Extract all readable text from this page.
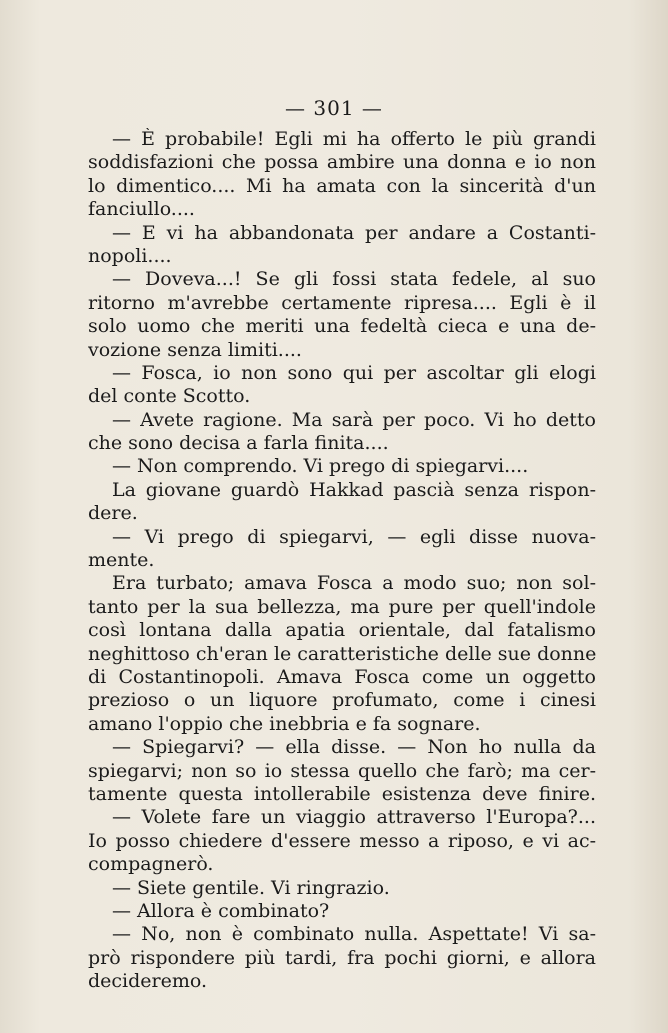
— 301 —
— È probabile! Egli mi ha offerto le più grandi
soddisfazioni che possa ambire una donna e io non
lo dimentico.... Mi ha amata con la sincerità d'un
fanciullo....
— E vi ha abbandonata per andare a Costanti-
nopoli....
— Doveva...! Se gli fossi stata fedele, al suo
ritorno m'avrebbe certamente ripresa.... Egli è il
solo uomo che meriti una fedeltà cieca e una de-
vozione senza limiti....
— Fosca, io non sono qui per ascoltar gli elogi
del conte Scotto.
— Avete ragione. Ma sarà per poco. Vi ho detto
che sono decisa a farla finita....
— Non comprendo. Vi prego di spiegarvi....
La giovane guardò Hakkad pascià senza rispon-
dere.
— Vi prego di spiegarvi, — egli disse nuova-
mente.
Era turbato; amava Fosca a modo suo; non sol-
tanto per la sua bellezza, ma pure per quell'indole
così lontana dalla apatia orientale, dal fatalismo
neghittoso ch'eran le caratteristiche delle sue donne
di Costantinopoli. Amava Fosca come un oggetto
prezioso o un liquore profumato, come i cinesi
amano l'oppio che inebbria e fa sognare.
— Spiegarvi? — ella disse. — Non ho nulla da
spiegarvi; non so io stessa quello che farò; ma cer-
tamente questa intollerabile esistenza deve finire.
— Volete fare un viaggio attraverso l'Europa?...
Io posso chiedere d'essere messo a riposo, e vi ac-
compagnerò.
— Siete gentile. Vi ringrazio.
— Allora è combinato?
— No, non è combinato nulla. Aspettate! Vi sa-
prò rispondere più tardi, fra pochi giorni, e allora
decideremo.
